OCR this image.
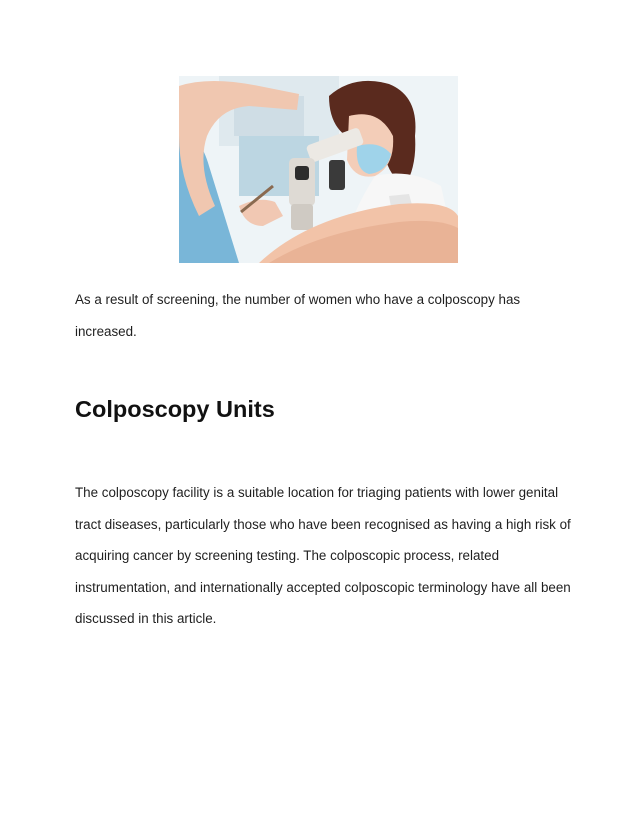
As a result of screening, the number of women who have a colposcopy has increased.

Colposcopy Units

The colposcopy facility is a suitable location for triaging patients with lower genital tract diseases, particularly those who have been recognised as having a high risk of acquiring cancer by screening testing. The colposcopic process, related instrumentation, and internationally accepted colposcopic terminology have all been discussed in this article.
